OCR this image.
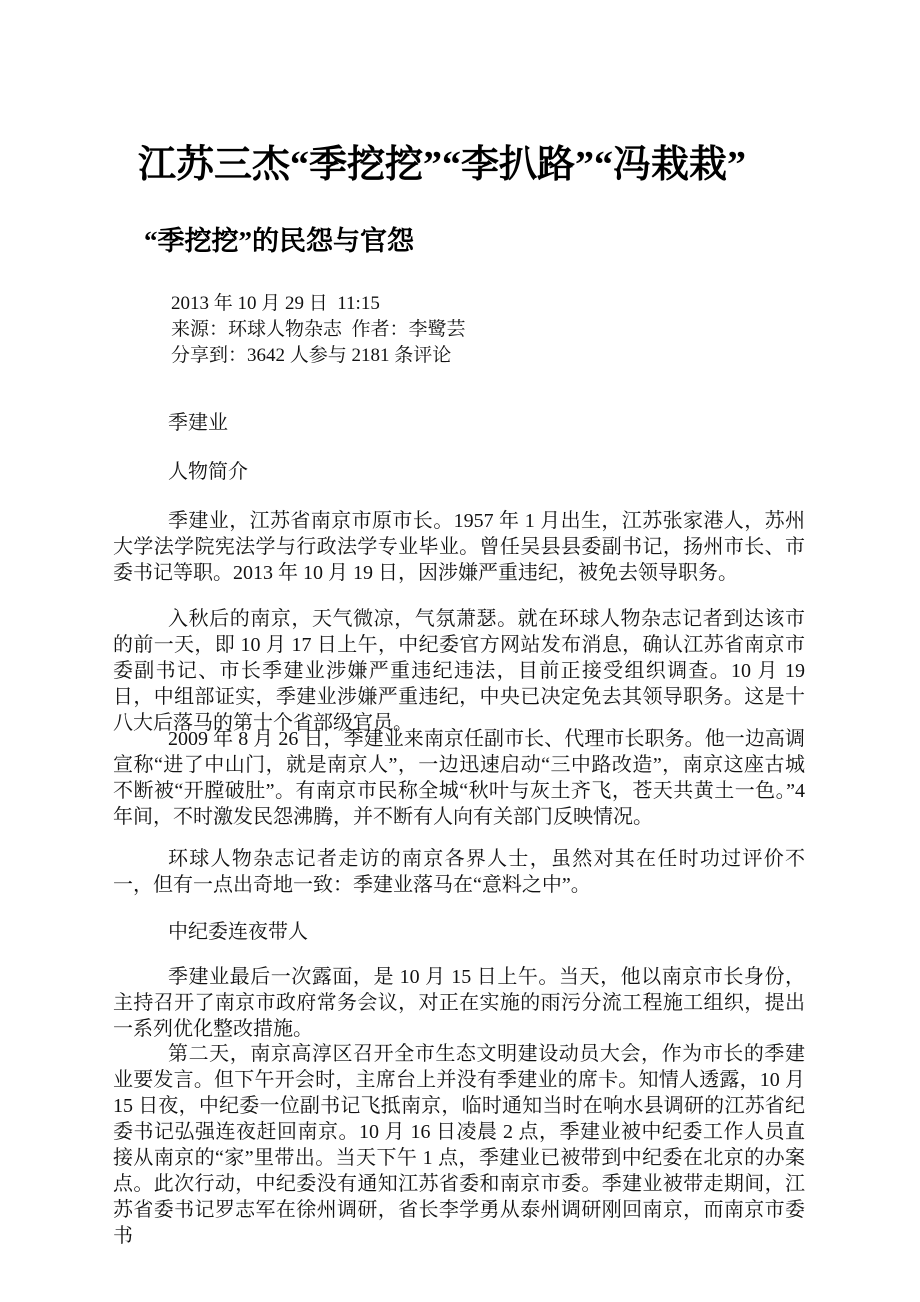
江苏三杰“季挖挖”“李扒路”“冯栽栽”
“季挖挖”的民怨与官怨
2013 年 10 月 29 日  11:15
来源：环球人物杂志  作者：李鹭芸
分享到：3642 人参与 2181 条评论

季建业

人物简介

季建业，江苏省南京市原市长。1957 年 1 月出生，江苏张家港人，苏州大学法学院宪法学与行政法学专业毕业。曾任吴县县委副书记，扬州市长、市委书记等职。2013 年 10 月 19 日，因涉嫌严重违纪，被免去领导职务。

入秋后的南京，天气微凉，气氛萧瑟。就在环球人物杂志记者到达该市的前一天，即 10 月 17 日上午，中纪委官方网站发布消息，确认江苏省南京市委副书记、市长季建业涉嫌严重违纪违法，目前正接受组织调查。10 月 19 日，中组部证实，季建业涉嫌严重违纪，中央已决定免去其领导职务。这是十八大后落马的第十个省部级官员。

2009 年 8 月 26 日，季建业来南京任副市长、代理市长职务。他一边高调宣称“进了中山门，就是南京人”，一边迅速启动“三中路改造”，南京这座古城不断被“开膛破肚”。有南京市民称全城“秋叶与灰土齐飞，苍天共黄土一色。”4 年间，不时激发民怨沸腾，并不断有人向有关部门反映情况。

环球人物杂志记者走访的南京各界人士，虽然对其在任时功过评价不一，但有一点出奇地一致：季建业落马在“意料之中”。

中纪委连夜带人

季建业最后一次露面，是 10 月 15 日上午。当天，他以南京市长身份，主持召开了南京市政府常务会议，对正在实施的雨污分流工程施工组织，提出一系列优化整改措施。

第二天，南京高淳区召开全市生态文明建设动员大会，作为市长的季建业要发言。但下午开会时，主席台上并没有季建业的席卡。知情人透露，10 月 15 日夜，中纪委一位副书记飞抵南京，临时通知当时在响水县调研的江苏省纪委书记弘强连夜赶回南京。10 月 16 日凌晨 2 点，季建业被中纪委工作人员直接从南京的“家”里带出。当天下午 1 点，季建业已被带到中纪委在北京的办案点。此次行动，中纪委没有通知江苏省委和南京市委。季建业被带走期间，江苏省委书记罗志军在徐州调研，省长李学勇从泰州调研刚回南京，而南京市委书
